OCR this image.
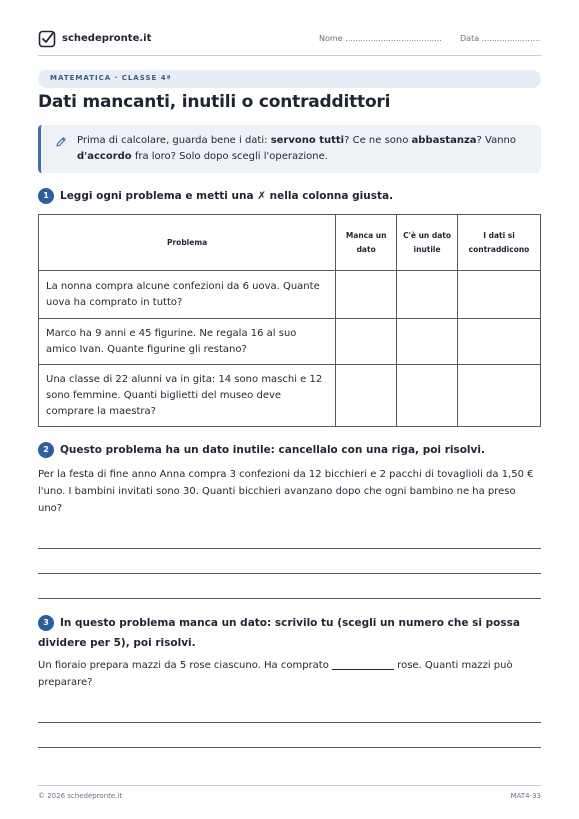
schedepronte.it	Nome ...................................... Data .......................
MATEMATICA · CLASSE 4ª
Dati mancanti, inutili o contraddittori
Prima di calcolare, guarda bene i dati: servono tutti? Ce ne sono abbastanza? Vanno d'accordo fra loro? Solo dopo scegli l'operazione.
1 Leggi ogni problema e metti una ✗ nella colonna giusta.
Problema	Manca un dato	C'è un dato inutile	I dati si contraddicono
La nonna compra alcune confezioni da 6 uova. Quante uova ha comprato in tutto?			
Marco ha 9 anni e 45 figurine. Ne regala 16 al suo amico Ivan. Quante figurine gli restano?			
Una classe di 22 alunni va in gita: 14 sono maschi e 12 sono femmine. Quanti biglietti del museo deve comprare la maestra?			
2 Questo problema ha un dato inutile: cancellalo con una riga, poi risolvi.
Per la festa di fine anno Anna compra 3 confezioni da 12 bicchieri e 2 pacchi di tovaglioli da 1,50 € l'uno. I bambini invitati sono 30. Quanti bicchieri avanzano dopo che ogni bambino ne ha preso uno?
3 In questo problema manca un dato: scrivilo tu (scegli un numero che si possa dividere per 5), poi risolvi.
Un fioraio prepara mazzi da 5 rose ciascuno. Ha comprato	rose. Quanti mazzi può preparare?
© 2026 schedepronte.it	MAT4-33
